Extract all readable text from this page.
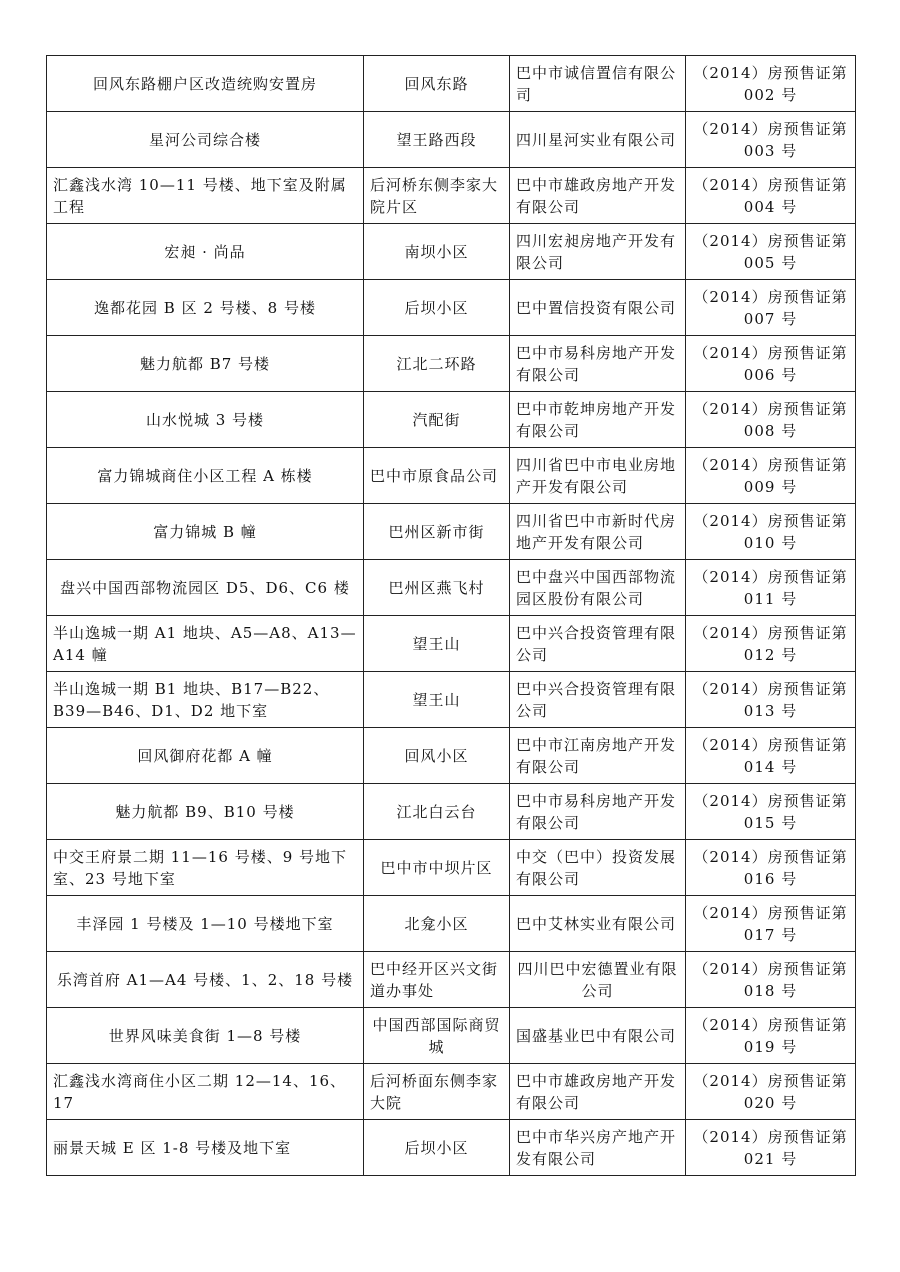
回风东路棚户区改造统购安置房	回风东路	巴中市诚信置信有限公司	（2014）房预售证第 002 号
星河公司综合楼	望王路西段	四川星河实业有限公司	（2014）房预售证第 003 号
汇鑫浅水湾 10—11 号楼、地下室及附属工程	后河桥东侧李家大院片区	巴中市雄政房地产开发有限公司	（2014）房预售证第 004 号
宏昶 · 尚品	南坝小区	四川宏昶房地产开发有限公司	（2014）房预售证第 005 号
逸都花园 B 区 2 号楼、8 号楼	后坝小区	巴中置信投资有限公司	（2014）房预售证第 007 号
魅力航都 B7 号楼	江北二环路	巴中市易科房地产开发有限公司	（2014）房预售证第 006 号
山水悦城 3 号楼	汽配街	巴中市乾坤房地产开发有限公司	（2014）房预售证第 008 号
富力锦城商住小区工程 A 栋楼	巴中市原食品公司	四川省巴中市电业房地产开发有限公司	（2014）房预售证第 009 号
富力锦城 B 幢	巴州区新市街	四川省巴中市新时代房地产开发有限公司	（2014）房预售证第 010 号
盘兴中国西部物流园区 D5、D6、C6 楼	巴州区燕飞村	巴中盘兴中国西部物流园区股份有限公司	（2014）房预售证第 011 号
半山逸城一期 A1 地块、A5—A8、A13—A14 幢	望王山	巴中兴合投资管理有限公司	（2014）房预售证第 012 号
半山逸城一期 B1 地块、B17—B22、B39—B46、D1、D2 地下室	望王山	巴中兴合投资管理有限公司	（2014）房预售证第 013 号
回风御府花都 A 幢	回风小区	巴中市江南房地产开发有限公司	（2014）房预售证第 014 号
魅力航都 B9、B10 号楼	江北白云台	巴中市易科房地产开发有限公司	（2014）房预售证第 015 号
中交王府景二期 11—16 号楼、9 号地下室、23 号地下室	巴中市中坝片区	中交（巴中）投资发展有限公司	（2014）房预售证第 016 号
丰泽园 1 号楼及 1—10 号楼地下室	北龛小区	巴中艾林实业有限公司	（2014）房预售证第 017 号
乐湾首府 A1—A4 号楼、1、2、18 号楼	巴中经开区兴文街道办事处	四川巴中宏德置业有限公司	（2014）房预售证第 018 号
世界风味美食街 1—8 号楼	中国西部国际商贸城	国盛基业巴中有限公司	（2014）房预售证第 019 号
汇鑫浅水湾商住小区二期 12—14、16、17	后河桥面东侧李家大院	巴中市雄政房地产开发有限公司	（2014）房预售证第 020 号
丽景天城 E 区 1-8 号楼及地下室	后坝小区	巴中市华兴房产地产开发有限公司	（2014）房预售证第 021 号
